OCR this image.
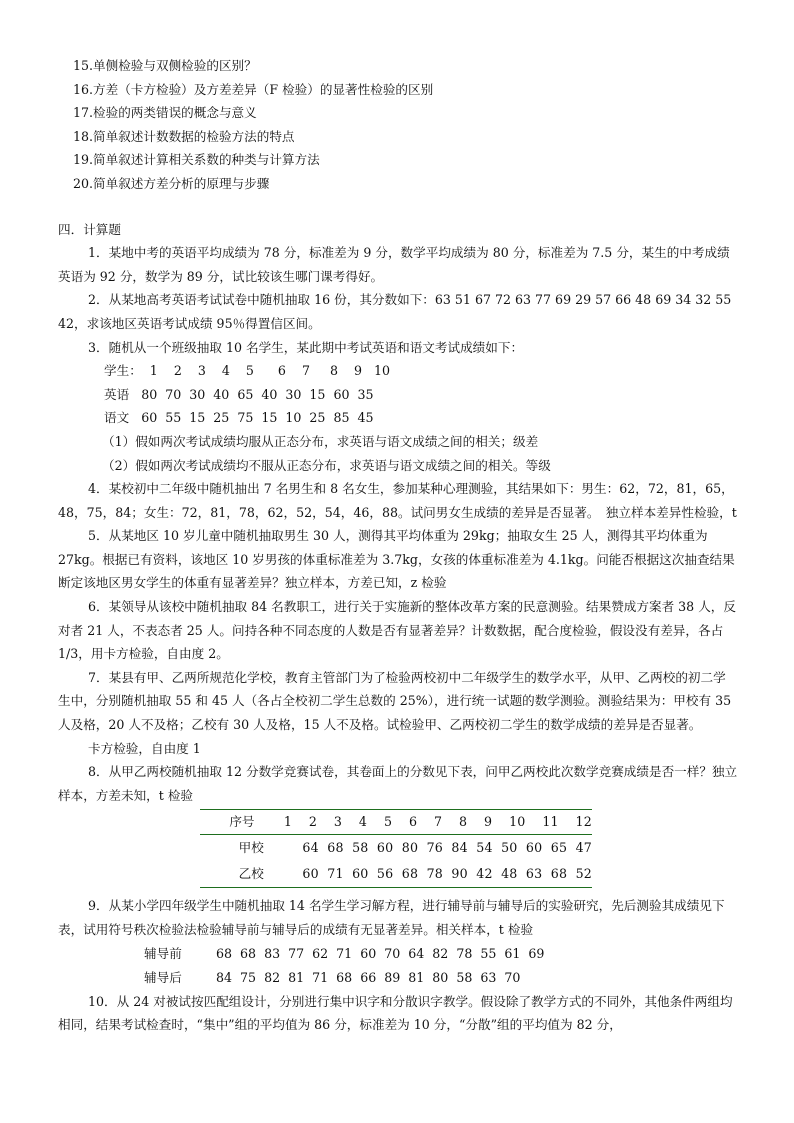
15.单侧检验与双侧检验的区别？
16.方差（卡方检验）及方差差异（F 检验）的显著性检验的区别
17.检验的两类错误的概念与意义
18.简单叙述计数数据的检验方法的特点
19.简单叙述计算相关系数的种类与计算方法
20.简单叙述方差分析的原理与步骤
四．计算题
1．某地中考的英语平均成绩为 78 分，标准差为 9 分，数学平均成绩为 80 分，标准差为 7.5 分，某生的中考成绩英语为 92 分，数学为 89 分，试比较该生哪门课考得好。
2．从某地高考英语考试试卷中随机抽取 16 份，其分数如下：63 51 67 72 63 77 69 29 57 66 48 69 34 32 55 42，求该地区英语考试成绩 95％得置信区间。
3．随机从一个班级抽取 10 名学生，某此期中考试英语和语文考试成绩如下：
学生：  1    2    3    4    5      6    7     8    9   10
英语   80  70  30  40  65  40  30  15  60  35
语文   60  55  15  25  75  15  10  25  85  45
（1）假如两次考试成绩均服从正态分布，求英语与语文成绩之间的相关；级差
（2）假如两次考试成绩均不服从正态分布，求英语与语文成绩之间的相关。等级
4．某校初中二年级中随机抽出 7 名男生和 8 名女生，参加某种心理测验，其结果如下：男生：62，72，81，65，48，75，84；女生：72，81，78，62，52，54，46，88。试问男女生成绩的差异是否显著。　独立样本差异性检验，t
5．从某地区 10 岁儿童中随机抽取男生 30 人，测得其平均体重为 29kg；抽取女生 25 人，测得其平均体重为 27kg。根据已有资料，该地区 10 岁男孩的体重标准差为 3.7kg，女孩的体重标准差为 4.1kg。问能否根据这次抽查结果断定该地区男女学生的体重有显著差异？独立样本，方差已知，z 检验
6．某领导从该校中随机抽取 84 名教职工，进行关于实施新的整体改革方案的民意测验。结果赞成方案者 38 人，反对者 21 人，不表态者 25 人。问持各种不同态度的人数是否有显著差异？计数数据，配合度检验，假设没有差异，各占 1/3，用卡方检验，自由度 2。
7．某县有甲、乙两所规范化学校，教育主管部门为了检验两校初中二年级学生的数学水平，从甲、乙两校的初二学生中，分别随机抽取 55 和 45 人（各占全校初二学生总数的 25%），进行统一试题的数学测验。测验结果为：甲校有 35 人及格，20 人不及格；乙校有 30 人及格，15 人不及格。试检验甲、乙两校初二学生的数学成绩的差异是否显著。
卡方检验，自由度 1
8．从甲乙两校随机抽取 12 分数学竞赛试卷，其卷面上的分数见下表，问甲乙两校此次数学竞赛成绩是否一样？独立样本，方差未知，t 检验
序号	1    2    3    4    5    6    7    8    9    10    11    12
甲校	64  68  58  60  80  76  84  54  50  60  65  47
乙校	60  71  60  56  68  78  90  42  48  63  68  52
9．从某小学四年级学生中随机抽取 14 名学生学习解方程，进行辅导前与辅导后的实验研究，先后测验其成绩见下表，试用符号秩次检验法检验辅导前与辅导后的成绩有无显著差异。相关样本，t 检验
辅导前	68  68  83  77  62  71  60  70  64  82  78  55  61  69
辅导后	84  75  82  81  71  68  66  89  81  80  58  63  70
10．从 24 对被试按匹配组设计，分别进行集中识字和分散识字教学。假设除了教学方式的不同外，其他条件两组均相同，结果考试检查时，“集中”组的平均值为 86 分，标准差为 10 分，“分散”组的平均值为 82 分，
